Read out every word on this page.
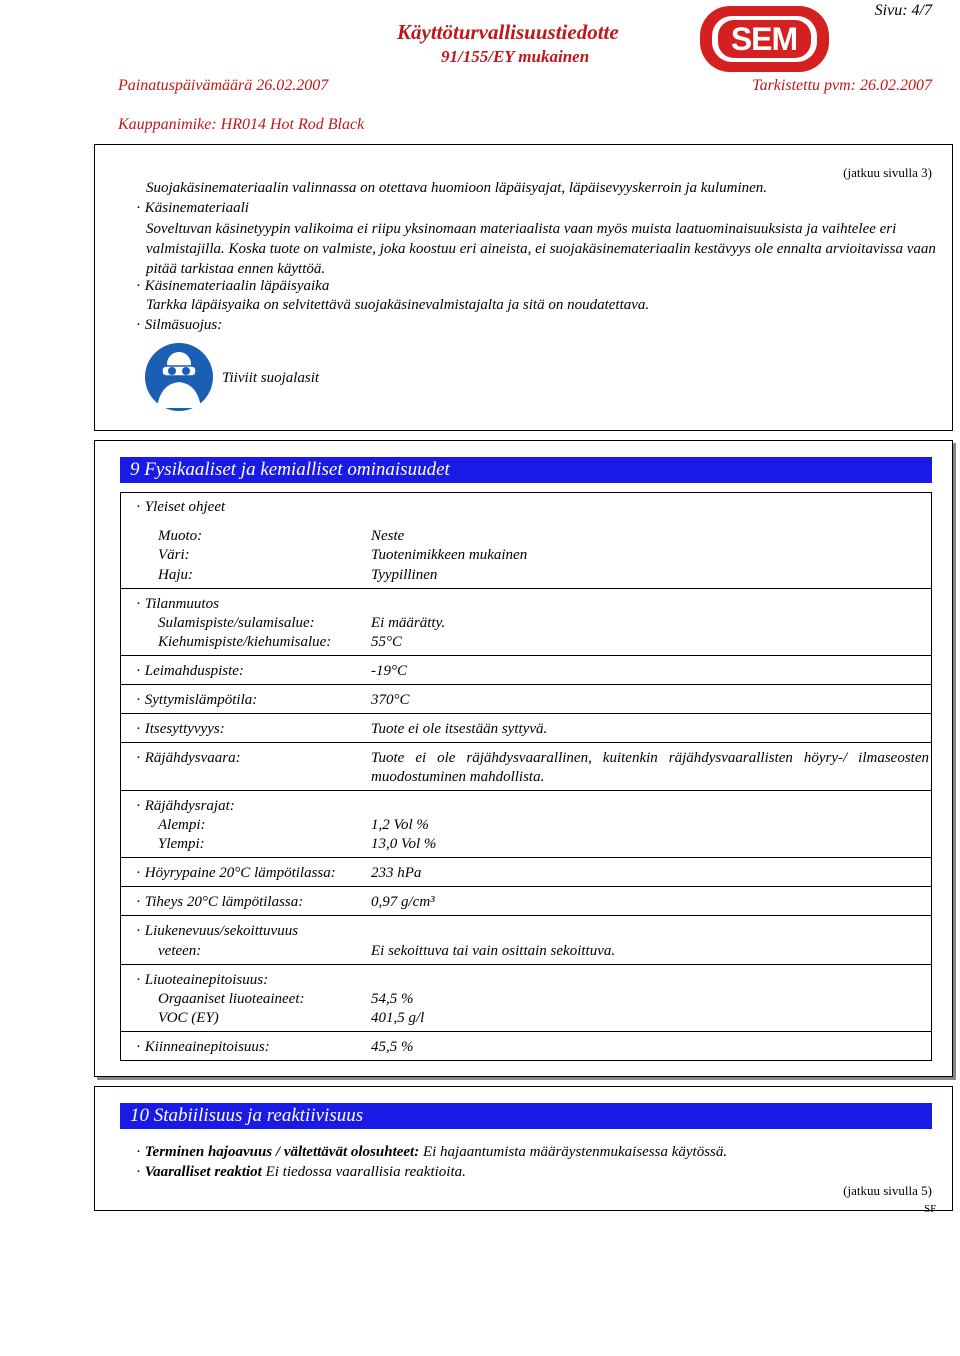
Sivu: 4/7
Käyttöturvallisuustiedotte
91/155/EY mukainen	SEM
Painatuspäivämäärä 26.02.2007	Tarkistettu pvm: 26.02.2007
Kauppanimike: HR014 Hot Rod Black
(jatkuu sivulla 3)
Suojakäsinemateriaalin valinnassa on otettava huomioon läpäisyajat, läpäisevyyskerroin ja kuluminen.
· Käsinemateriaali
Soveltuvan käsinetyypin valikoima ei riipu yksinomaan materiaalista vaan myös muista laatuominaisuuksista ja vaihtelee eri valmistajilla. Koska tuote on valmiste, joka koostuu eri aineista, ei suojakäsinemateriaalin kestävyys ole ennalta arvioitavissa vaan pitää tarkistaa ennen käyttöä.
· Käsinemateriaalin läpäisyaika
Tarkka läpäisyaika on selvitettävä suojakäsinevalmistajalta ja sitä on noudatettava.
· Silmäsuojus:
Tiiviit suojalasit
9 Fysikaaliset ja kemialliset ominaisuudet
· Yleiset ohjeet
Muoto:	Neste
Väri:	Tuotenimikkeen mukainen
Haju:	Tyypillinen
· Tilanmuutos
Sulamispiste/sulamisalue:	Ei määrätty.
Kiehumispiste/kiehumisalue:	55°C
· Leimahduspiste:	-19°C
· Syttymislämpötila:	370°C
· Itsesyttyvyys:	Tuote ei ole itsestään syttyvä.
· Räjähdysvaara:	Tuote ei ole räjähdysvaarallinen, kuitenkin räjähdysvaarallisten höyry-/ ilmaseosten muodostuminen mahdollista.
· Räjähdysrajat:
Alempi:	1,2 Vol %
Ylempi:	13,0 Vol %
· Höyrypaine 20°C lämpötilassa: 233 hPa
· Tiheys 20°C lämpötilassa:	0,97 g/cm³
· Liukenevuus/sekoittuvuus
veteen:	Ei sekoittuva tai vain osittain sekoittuva.
· Liuoteainepitoisuus:
Orgaaniset liuoteaineet:	54,5 %
VOC (EY)	401,5 g/l
· Kiinneainepitoisuus:	45,5 %
10 Stabiilisuus ja reaktiivisuus
· Terminen hajoavuus / vältettävät olosuhteet: Ei hajaantumista määräystenmukaisessa käytössä.
· Vaaralliset reaktiot Ei tiedossa vaarallisia reaktioita.
(jatkuu sivulla 5)
SF
